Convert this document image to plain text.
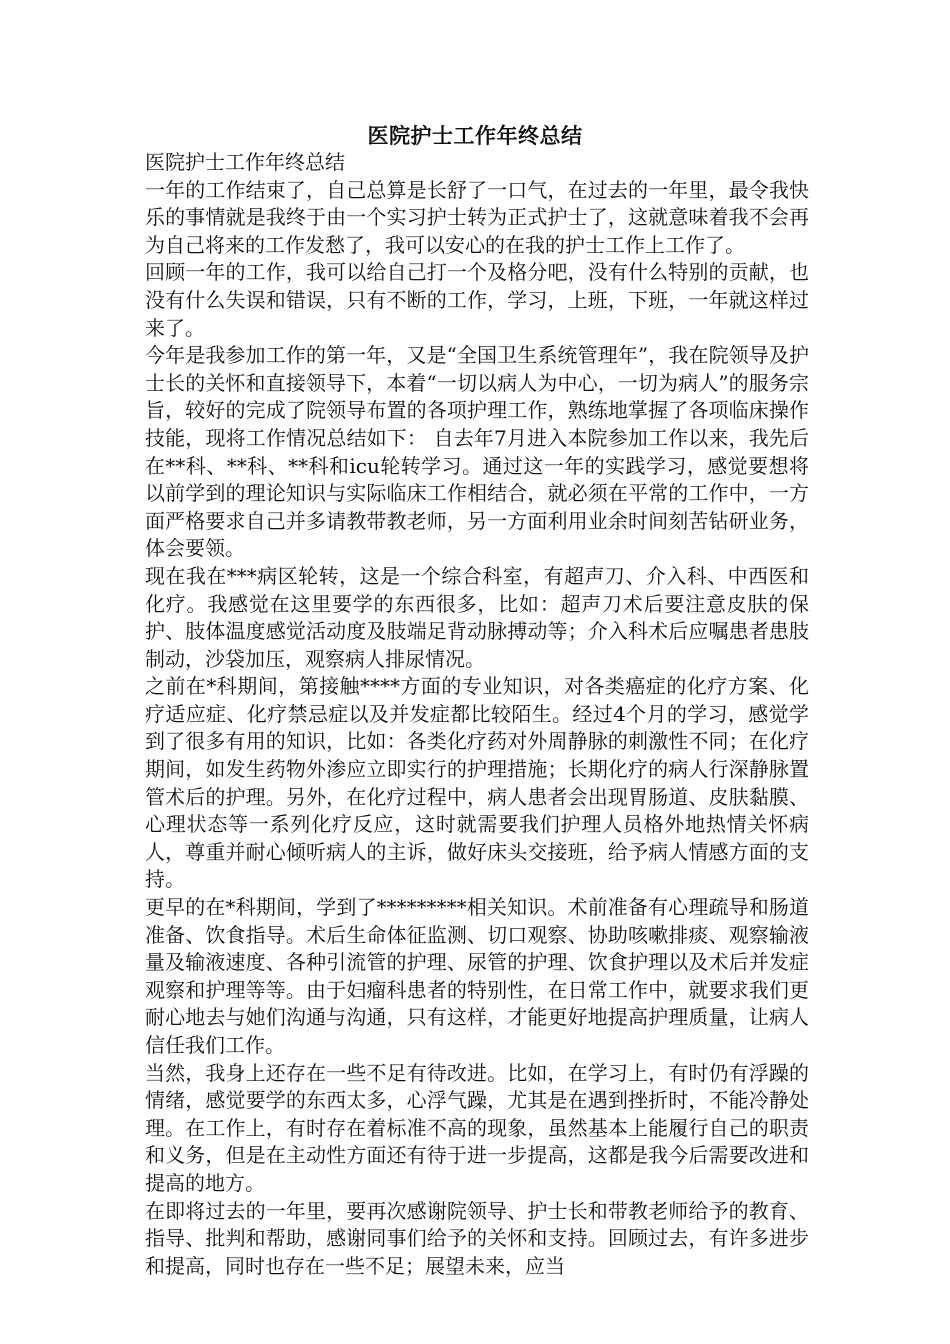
医院护士工作年终总结

医院护士工作年终总结

一年的工作结束了，自己总算是长舒了一口气，在过去的一年里，最令我快乐的事情就是我终于由一个实习护士转为正式护士了，这就意味着我不会再为自己将来的工作发愁了，我可以安心的在我的护士工作上工作了。

回顾一年的工作，我可以给自己打一个及格分吧，没有什么特别的贡献，也没有什么失误和错误，只有不断的工作，学习，上班，下班，一年就这样过来了。

今年是我参加工作的第一年，又是“全国卫生系统管理年”，我在院领导及护士长的关怀和直接领导下，本着“一切以病人为中心，一切为病人”的服务宗旨，较好的完成了院领导布置的各项护理工作，熟练地掌握了各项临床操作技能，现将工作情况总结如下： 自去年7月进入本院参加工作以来，我先后在**科、**科、**科和icu轮转学习。通过这一年的实践学习，感觉要想将以前学到的理论知识与实际临床工作相结合，就必须在平常的工作中，一方面严格要求自己并多请教带教老师，另一方面利用业余时间刻苦钻研业务，体会要领。

现在我在***病区轮转，这是一个综合科室，有超声刀、介入科、中西医和化疗。我感觉在这里要学的东西很多，比如：超声刀术后要注意皮肤的保护、肢体温度感觉活动度及肢端足背动脉搏动等；介入科术后应嘱患者患肢制动，沙袋加压，观察病人排尿情况。

之前在*科期间，第接触****方面的专业知识，对各类癌症的化疗方案、化疗适应症、化疗禁忌症以及并发症都比较陌生。经过4个月的学习，感觉学到了很多有用的知识，比如：各类化疗药对外周静脉的刺激性不同；在化疗期间，如发生药物外渗应立即实行的护理措施；长期化疗的病人行深静脉置管术后的护理。另外，在化疗过程中，病人患者会出现胃肠道、皮肤黏膜、心理状态等一系列化疗反应，这时就需要我们护理人员格外地热情关怀病人，尊重并耐心倾听病人的主诉，做好床头交接班，给予病人情感方面的支持。

更早的在*科期间，学到了*********相关知识。术前准备有心理疏导和肠道准备、饮食指导。术后生命体征监测、切口观察、协助咳嗽排痰、观察输液量及输液速度、各种引流管的护理、尿管的护理、饮食护理以及术后并发症观察和护理等等。由于妇瘤科患者的特别性，在日常工作中，就要求我们更耐心地去与她们沟通与沟通，只有这样，才能更好地提高护理质量，让病人信任我们工作。

当然，我身上还存在一些不足有待改进。比如，在学习上，有时仍有浮躁的情绪，感觉要学的东西太多，心浮气躁，尤其是在遇到挫折时，不能冷静处理。在工作上，有时存在着标准不高的现象，虽然基本上能履行自己的职责和义务，但是在主动性方面还有待于进一步提高，这都是我今后需要改进和提高的地方。

在即将过去的一年里，要再次感谢院领导、护士长和带教老师给予的教育、指导、批判和帮助，感谢同事们给予的关怀和支持。回顾过去，有许多进步和提高，同时也存在一些不足；展望未来，应当
